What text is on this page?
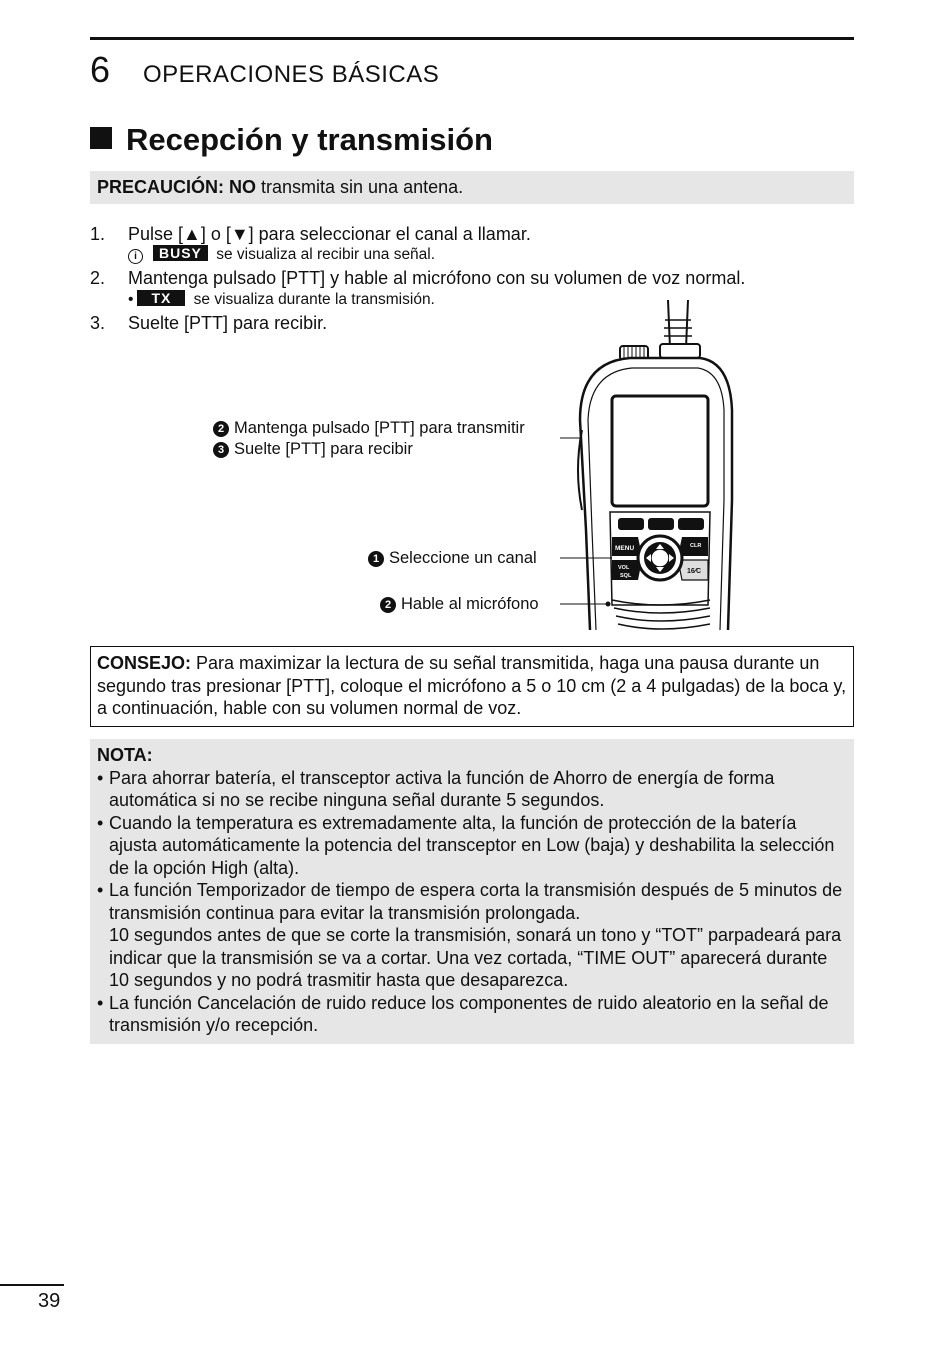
6 OPERACIONES BÁSICAS
Recepción y transmisión
PRECAUCIÓN: NO transmita sin una antena.
1. Pulse [▲] o [▼] para seleccionar el canal a llamar.
i BUSY se visualiza al recibir una señal.
2. Mantenga pulsado [PTT] y hable al micrófono con su volumen de voz normal.
• TX se visualiza durante la transmisión.
3. Suelte [PTT] para recibir.
MENU
VOL
SQL
CLR
16⁄C
2 Mantenga pulsado [PTT] para transmitir
3 Suelte [PTT] para recibir
1 Seleccione un canal
2 Hable al micrófono
CONSEJO: Para maximizar la lectura de su señal transmitida, haga una pausa durante un segundo tras presionar [PTT], coloque el micrófono a 5 o 10 cm (2 a 4 pulgadas) de la boca y, a continuación, hable con su volumen normal de voz.
NOTA:
• Para ahorrar batería, el transceptor activa la función de Ahorro de energía de forma automática si no se recibe ninguna señal durante 5 segundos.
• Cuando la temperatura es extremadamente alta, la función de protección de la batería ajusta automáticamente la potencia del transceptor en Low (baja) y deshabilita la selección de la opción High (alta).
• La función Temporizador de tiempo de espera corta la transmisión después de 5 minutos de transmisión continua para evitar la transmisión prolongada.
10 segundos antes de que se corte la transmisión, sonará un tono y “TOT” parpadeará para indicar que la transmisión se va a cortar. Una vez cortada, “TIME OUT” aparecerá durante 10 segundos y no podrá trasmitir hasta que desaparezca.
• La función Cancelación de ruido reduce los componentes de ruido aleatorio en la señal de transmisión y/o recepción.
39
